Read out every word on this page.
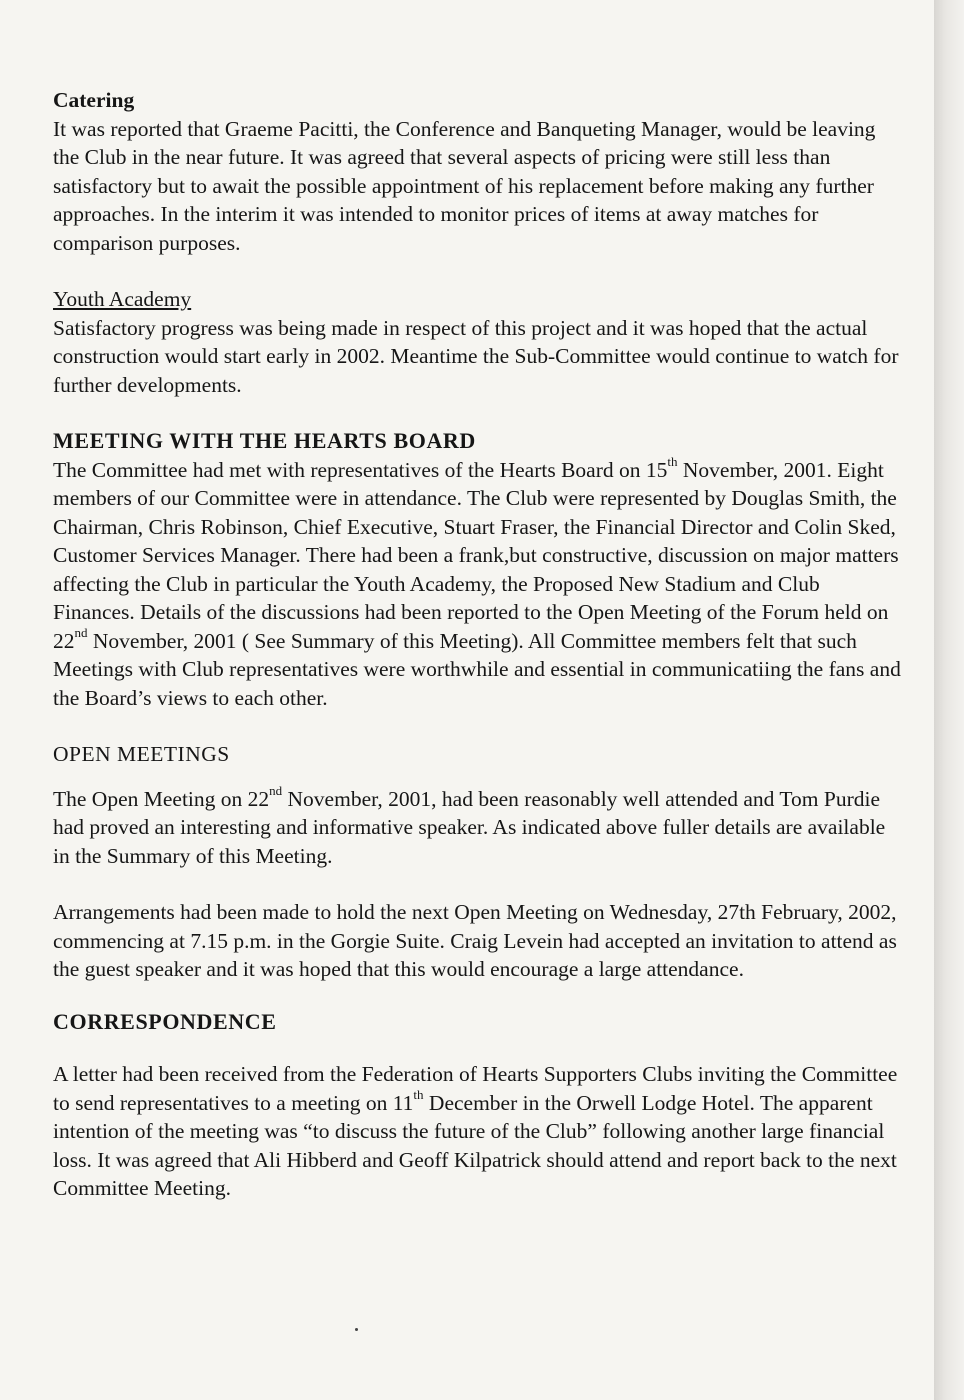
Catering

It was reported that Graeme Pacitti, the Conference and Banqueting Manager, would be leaving the Club in the near future. It was agreed that several aspects of pricing were still less than satisfactory but to await the possible appointment of his replacement before making any further approaches. In the interim it was intended to monitor prices of items at away matches for comparison purposes.

Youth Academy

Satisfactory progress was being made in respect of this project and it was hoped that the actual construction would start early in 2002. Meantime the Sub-Committee would continue to watch for further developments.

MEETING WITH THE HEARTS BOARD

The Committee had met with representatives of the Hearts Board on 15th November, 2001. Eight members of our Committee were in attendance. The Club were represented by Douglas Smith, the Chairman, Chris Robinson, Chief Executive, Stuart Fraser, the Financial Director and Colin Sked, Customer Services Manager. There had been a frank,but constructive, discussion on major matters affecting the Club in particular the Youth Academy, the Proposed New Stadium and Club Finances. Details of the discussions had been reported to the Open Meeting of the Forum held on 22nd November, 2001 ( See Summary of this Meeting). All Committee members felt that such Meetings with Club representatives were worthwhile and essential in communicatiing the fans and the Board’s views to each other.

OPEN MEETINGS

The Open Meeting on 22nd November, 2001, had been reasonably well attended and Tom Purdie had proved an interesting and informative speaker. As indicated above fuller details are available in the Summary of this Meeting.

Arrangements had been made to hold the next Open Meeting on Wednesday, 27th February, 2002, commencing at 7.15 p.m. in the Gorgie Suite. Craig Levein had accepted an invitation to attend as the guest speaker and it was hoped that this would encourage a large attendance.

CORRESPONDENCE

A letter had been received from the Federation of Hearts Supporters Clubs inviting the Committee to send representatives to a meeting on 11th December in the Orwell Lodge Hotel. The apparent intention of the meeting was “to discuss the future of the Club” following another large financial loss. It was agreed that Ali Hibberd and Geoff Kilpatrick should attend and report back to the next Committee Meeting.
